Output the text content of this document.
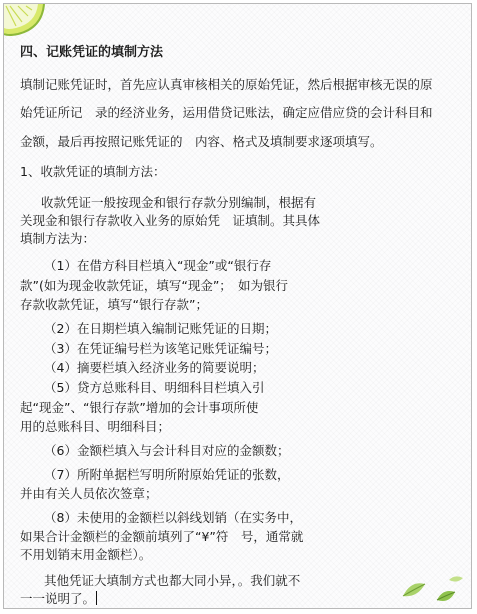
四、记账凭证的填制方法
填制记账凭证时，首先应认真审核相关的原始凭证，然后根据审核无误的原
始凭证所记　录的经济业务，运用借贷记账法，确定应借应贷的会计科目和
金额，最后再按照记账凭证的　内容、格式及填制要求逐项填写。
1、收款凭证的填制方法：
收款凭证一般按现金和银行存款分别编制，根据有
关现金和银行存款收入业务的原始凭　证填制。其具体
填制方法为：
（1）在借方科目栏填入“现金”或“银行存
款”(如为现金收款凭证，填写“现金”；　如为银行
存款收款凭证，填写“银行存款”；
（2）在日期栏填入编制记账凭证的日期；
（3）在凭证编号栏为该笔记账凭证编号；
（4）摘要栏填入经济业务的简要说明；
（5）贷方总账科目、明细科目栏填入引
起“现金”、“银行存款”增加的会计事项所使
用的总账科目、明细科目；
（6）金额栏填入与会计科目对应的金额数；
（7）所附单据栏写明所附原始凭证的张数，
并由有关人员依次签章；
（8）未使用的金额栏以斜线划销（在实务中，
如果合计金额栏的金额前填列了“¥”符　号，通常就
不用划销末用金额栏）。
其他凭证大填制方式也都大同小异，。我们就不
一一说明了。
